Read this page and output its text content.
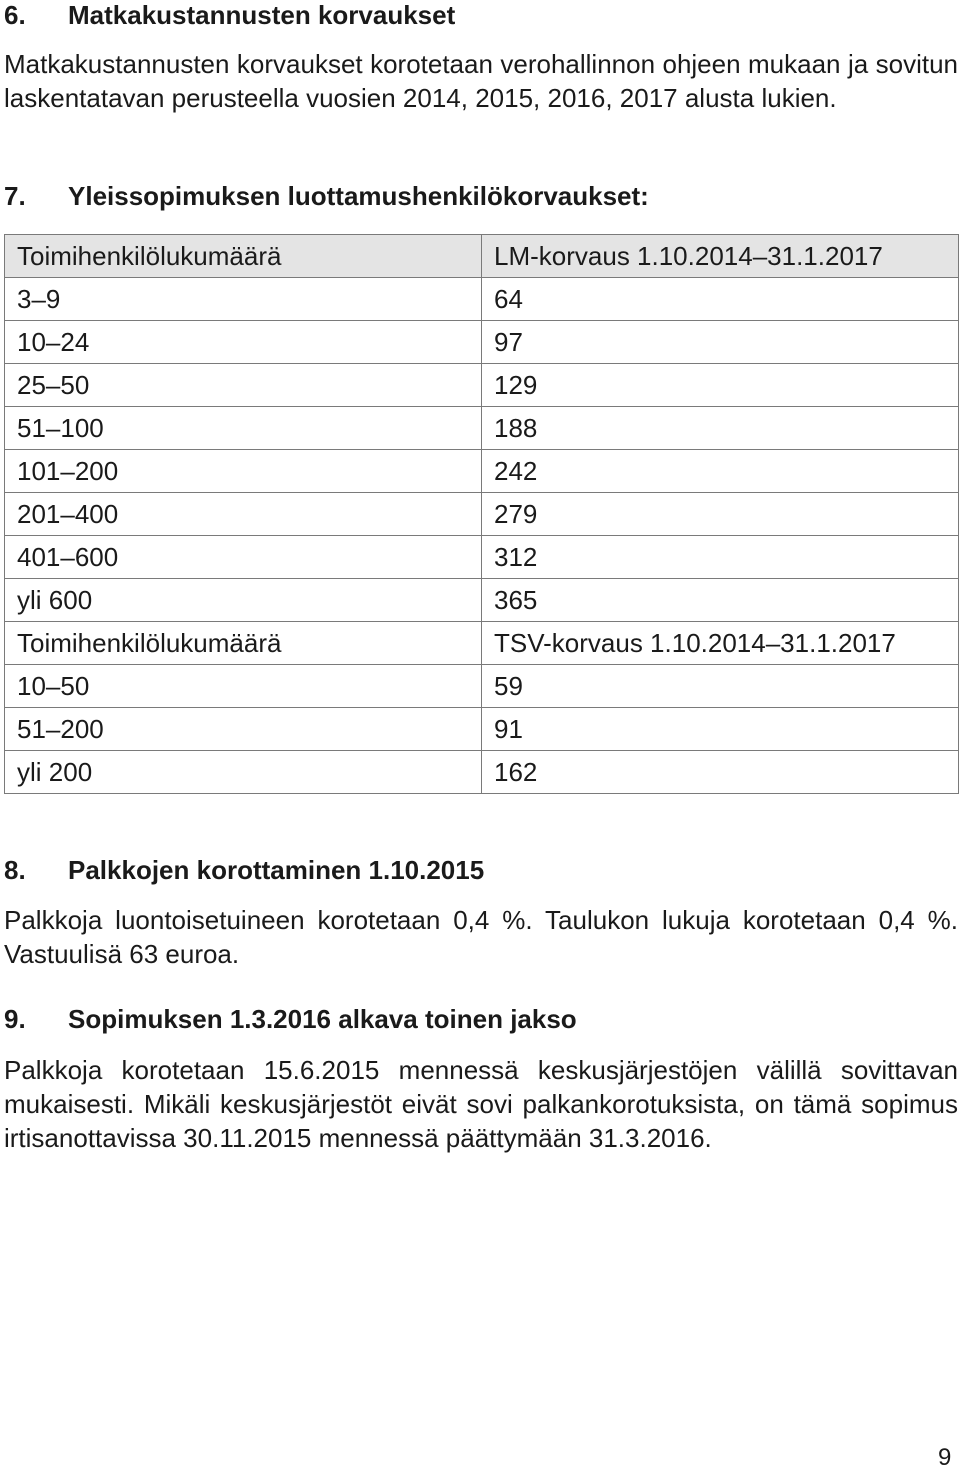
6. Matkakustannusten korvaukset

Matkakustannusten korvaukset korotetaan verohallinnon ohjeen mukaan ja sovitun laskentatavan perusteella vuosien 2014, 2015, 2016, 2017 alusta lukien.

7. Yleissopimuksen luottamushenkilökorvaukset:
Toimihenkilölukumäärä	LM-korvaus 1.10.2014–31.1.2017
3–9	64
10–24	97
25–50	129
51–100	188
101–200	242
201–400	279
401–600	312
yli 600	365
Toimihenkilölukumäärä	TSV-korvaus 1.10.2014–31.1.2017
10–50	59
51–200	91
yli 200	162
8. Palkkojen korottaminen 1.10.2015

Palkkoja luontoisetuineen korotetaan 0,4 %. Taulukon lukuja korotetaan 0,4 %. Vastuulisä 63 euroa.

9. Sopimuksen 1.3.2016 alkava toinen jakso

Palkkoja korotetaan 15.6.2015 mennessä keskusjärjestöjen välillä sovittavan mukaisesti. Mikäli keskusjärjestöt eivät sovi palkankorotuksista, on tämä sopimus irtisanottavissa 30.11.2015 mennessä päättymään 31.3.2016.

9
